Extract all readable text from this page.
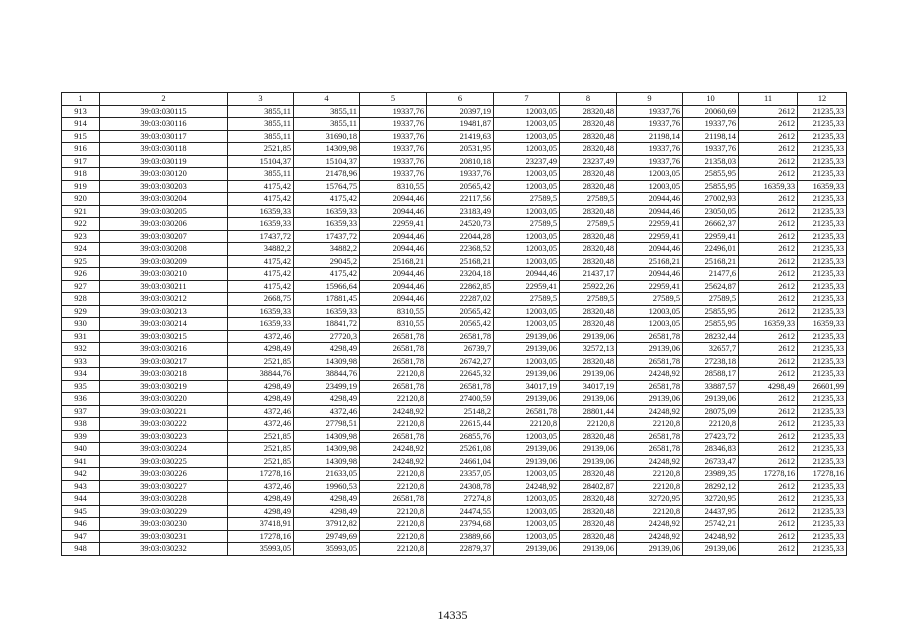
1	2	3	4	5	6	7	8	9	10	11	12
913	39:03:030115	3855,11	3855,11	19337,76	20397,19	12003,05	28320,48	19337,76	20060,69	2612	21235,33
914	39:03:030116	3855,11	3855,11	19337,76	19481,87	12003,05	28320,48	19337,76	19337,76	2612	21235,33
915	39:03:030117	3855,11	31690,18	19337,76	21419,63	12003,05	28320,48	21198,14	21198,14	2612	21235,33
916	39:03:030118	2521,85	14309,98	19337,76	20531,95	12003,05	28320,48	19337,76	19337,76	2612	21235,33
917	39:03:030119	15104,37	15104,37	19337,76	20810,18	23237,49	23237,49	19337,76	21358,03	2612	21235,33
918	39:03:030120	3855,11	21478,96	19337,76	19337,76	12003,05	28320,48	12003,05	25855,95	2612	21235,33
919	39:03:030203	4175,42	15764,75	8310,55	20565,42	12003,05	28320,48	12003,05	25855,95	16359,33	16359,33
920	39:03:030204	4175,42	4175,42	20944,46	22117,56	27589,5	27589,5	20944,46	27002,93	2612	21235,33
921	39:03:030205	16359,33	16359,33	20944,46	23183,49	12003,05	28320,48	20944,46	23050,05	2612	21235,33
922	39:03:030206	16359,33	16359,33	22959,41	24520,73	27589,5	27589,5	22959,41	26662,37	2612	21235,33
923	39:03:030207	17437,72	17437,72	20944,46	22044,28	12003,05	28320,48	22959,41	22959,41	2612	21235,33
924	39:03:030208	34882,2	34882,2	20944,46	22368,52	12003,05	28320,48	20944,46	22496,01	2612	21235,33
925	39:03:030209	4175,42	29045,2	25168,21	25168,21	12003,05	28320,48	25168,21	25168,21	2612	21235,33
926	39:03:030210	4175,42	4175,42	20944,46	23204,18	20944,46	21437,17	20944,46	21477,6	2612	21235,33
927	39:03:030211	4175,42	15966,64	20944,46	22862,85	22959,41	25922,26	22959,41	25624,87	2612	21235,33
928	39:03:030212	2668,75	17881,45	20944,46	22287,02	27589,5	27589,5	27589,5	27589,5	2612	21235,33
929	39:03:030213	16359,33	16359,33	8310,55	20565,42	12003,05	28320,48	12003,05	25855,95	2612	21235,33
930	39:03:030214	16359,33	18841,72	8310,55	20565,42	12003,05	28320,48	12003,05	25855,95	16359,33	16359,33
931	39:03:030215	4372,46	27720,3	26581,78	26581,78	29139,06	29139,06	26581,78	28232,44	2612	21235,33
932	39:03:030216	4298,49	4298,49	26581,78	26739,7	29139,06	32572,13	29139,06	32657,7	2612	21235,33
933	39:03:030217	2521,85	14309,98	26581,78	26742,27	12003,05	28320,48	26581,78	27238,18	2612	21235,33
934	39:03:030218	38844,76	38844,76	22120,8	22645,32	29139,06	29139,06	24248,92	28588,17	2612	21235,33
935	39:03:030219	4298,49	23499,19	26581,78	26581,78	34017,19	34017,19	26581,78	33887,57	4298,49	26601,99
936	39:03:030220	4298,49	4298,49	22120,8	27400,59	29139,06	29139,06	29139,06	29139,06	2612	21235,33
937	39:03:030221	4372,46	4372,46	24248,92	25148,2	26581,78	28801,44	24248,92	28075,09	2612	21235,33
938	39:03:030222	4372,46	27798,51	22120,8	22615,44	22120,8	22120,8	22120,8	22120,8	2612	21235,33
939	39:03:030223	2521,85	14309,98	26581,78	26855,76	12003,05	28320,48	26581,78	27423,72	2612	21235,33
940	39:03:030224	2521,85	14309,98	24248,92	25261,08	29139,06	29139,06	26581,78	28346,83	2612	21235,33
941	39:03:030225	2521,85	14309,98	24248,92	24661,04	29139,06	29139,06	24248,92	26733,47	2612	21235,33
942	39:03:030226	17278,16	21633,05	22120,8	23357,05	12003,05	28320,48	22120,8	23989,35	17278,16	17278,16
943	39:03:030227	4372,46	19960,53	22120,8	24308,78	24248,92	28402,87	22120,8	28292,12	2612	21235,33
944	39:03:030228	4298,49	4298,49	26581,78	27274,8	12003,05	28320,48	32720,95	32720,95	2612	21235,33
945	39:03:030229	4298,49	4298,49	22120,8	24474,55	12003,05	28320,48	22120,8	24437,95	2612	21235,33
946	39:03:030230	37418,91	37912,82	22120,8	23794,68	12003,05	28320,48	24248,92	25742,21	2612	21235,33
947	39:03:030231	17278,16	29749,69	22120,8	23889,66	12003,05	28320,48	24248,92	24248,92	2612	21235,33
948	39:03:030232	35993,05	35993,05	22120,8	22879,37	29139,06	29139,06	29139,06	29139,06	2612	21235,33
14335
